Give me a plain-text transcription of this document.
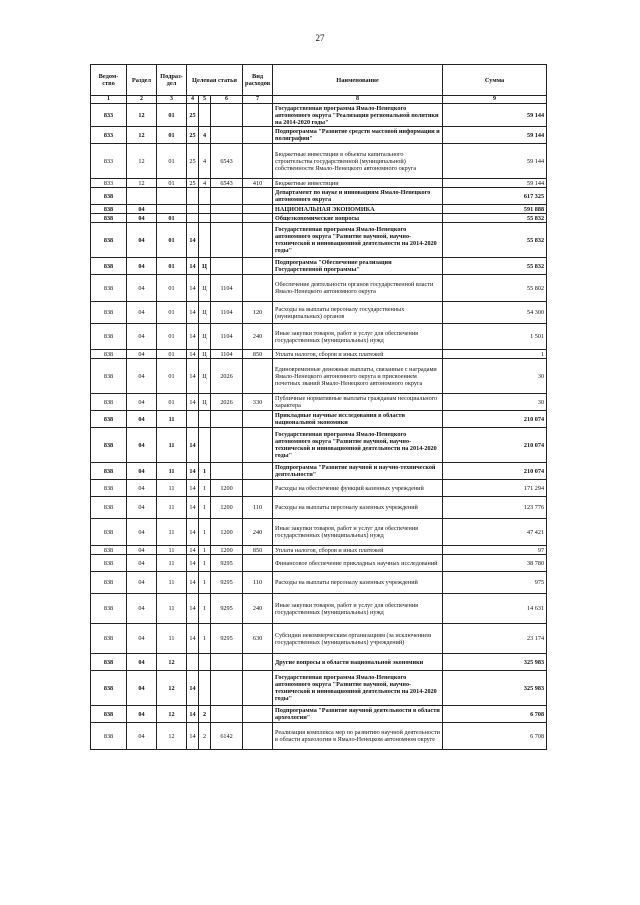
27
Ведом-ство	Раздел	Подраз-дел	Целевая статья			Вид расходов	Наименование	Сумма
1	2	3	4	5	6	7	8	9
833	12	01	25				Государственная программа Ямало-Ненецкого автономного округа "Реализация региональной политики на 2014-2020 годы"	59 144
833	12	01	25	4			Подпрограмма "Развитие средств массовой информации и полиграфии"	59 144
833	12	01	25	4	6543		Бюджетные инвестиции в объекты капитального строительства государственной (муниципальной) собственности Ямало-Ненецкого автономного округа	59 144
833	12	01	25	4	6543	410	Бюджетные инвестиции	59 144
838							Департамент по науке и инновациям Ямало-Ненецкого автономного округа	617 325
838	04						НАЦИОНАЛЬНАЯ ЭКОНОМИКА	591 888
838	04	01					Общеэкономические вопросы	55 832
838	04	01	14				Государственная программа Ямало-Ненецкого автономного округа "Развитие научной, научно-технической и инновационной деятельности на 2014-2020 годы"	55 832
838	04	01	14	Ц			Подпрограмма "Обеспечение реализации Государственной программы"	55 832
838	04	01	14	Ц	1104		Обеспечение деятельности органов государственной власти Ямало-Ненецкого автономного округа	55 802
838	04	01	14	Ц	1104	120	Расходы на выплаты персоналу государственных (муниципальных) органов	54 300
838	04	01	14	Ц	1104	240	Иные закупки товаров, работ и услуг для обеспечения государственных (муниципальных) нужд	1 501
838	04	01	14	Ц	1104	850	Уплата налогов, сборов и иных платежей	1
838	04	01	14	Ц	2026		Единовременные денежные выплаты, связанные с наградами Ямало-Ненецкого автономного округа и присвоением почетных званий Ямало-Ненецкого автономного округа	30
838	04	01	14	Ц	2026	330	Публичные нормативные выплаты гражданам несоциального характера	30
838	04	11					Прикладные научные исследования в области национальной экономики	210 074
838	04	11	14				Государственная программа Ямало-Ненецкого автономного округа "Развитие научной, научно-технической и инновационной деятельности на 2014-2020 годы"	210 074
838	04	11	14	1			Подпрограмма "Развитие научной и научно-технической деятельности"	210 074
838	04	11	14	1	1200		Расходы на обеспечение функций казенных учреждений	171 294
838	04	11	14	1	1200	110	Расходы на выплаты персоналу казенных учреждений	123 776
838	04	11	14	1	1200	240	Иные закупки товаров, работ и услуг для обеспечения государственных (муниципальных) нужд	47 421
838	04	11	14	1	1200	850	Уплата налогов, сборов и иных платежей	97
838	04	11	14	1	9295		Финансовое обеспечение прикладных научных исследований	38 780
838	04	11	14	1	9295	110	Расходы на выплаты персоналу казенных учреждений	975
838	04	11	14	1	9295	240	Иные закупки товаров, работ и услуг для обеспечения государственных (муниципальных) нужд	14 631
838	04	11	14	1	9295	630	Субсидии некоммерческим организациям (за исключением государственных (муниципальных) учреждений)	23 174
838	04	12					Другие вопросы в области национальной экономики	325 983
838	04	12	14				Государственная программа Ямало-Ненецкого автономного округа "Развитие научной, научно-технической и инновационной деятельности на 2014-2020 годы"	325 983
838	04	12	14	2			Подпрограмма "Развитие научной деятельности в области археологии"	6 708
838	04	12	14	2	6142		Реализация комплекса мер по развитию научной деятельности в области археологии в Ямало-Ненецком автономном округе	6 708
